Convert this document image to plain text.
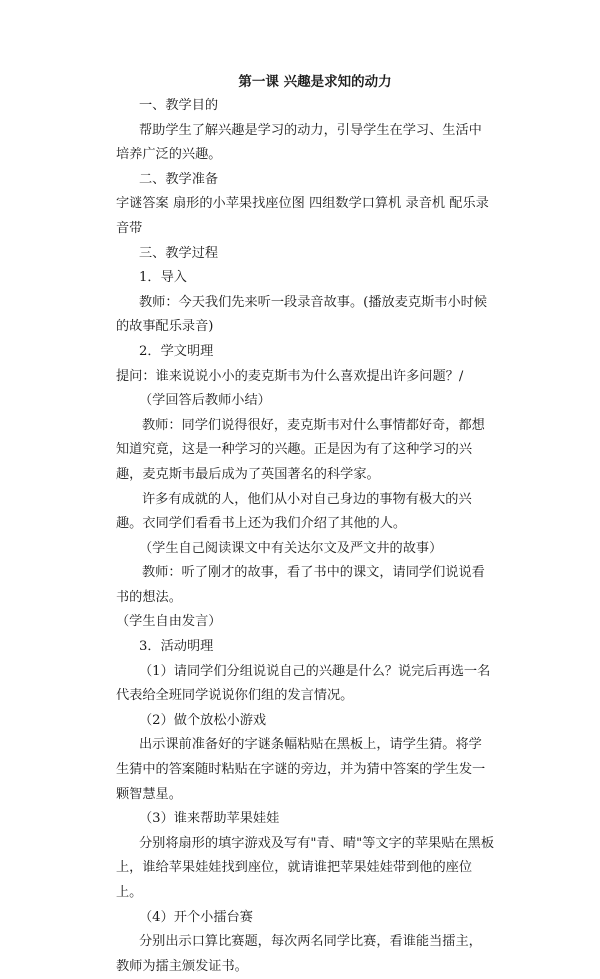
第一课 兴趣是求知的动力

一、教学目的

帮助学生了解兴趣是学习的动力，引导学生在学习、生活中培养广泛的兴趣。

二、教学准备

字谜答案 扇形的小苹果找座位图 四组数学口算机 录音机 配乐录音带

三、教学过程

1．导入

教师：今天我们先来听一段录音故事。(播放麦克斯韦小时候的故事配乐录音)

2．学文明理

提问：谁来说说小小的麦克斯韦为什么喜欢提出许多问题？/

（学回答后教师小结）

教师：同学们说得很好，麦克斯韦对什么事情都好奇，都想知道究竟，这是一种学习的兴趣。正是因为有了这种学习的兴趣，麦克斯韦最后成为了英国著名的科学家。

许多有成就的人，他们从小对自己身边的事物有极大的兴趣。衣同学们看看书上还为我们介绍了其他的人。

（学生自己阅读课文中有关达尔文及严文井的故事）

教师：听了刚才的故事，看了书中的课文，请同学们说说看书的想法。

（学生自由发言）

3．活动明理

（1）请同学们分组说说自己的兴趣是什么？说完后再选一名代表给全班同学说说你们组的发言情况。

（2）做个放松小游戏

出示课前准备好的字谜条幅粘贴在黑板上，请学生猜。将学生猜中的答案随时粘贴在字谜的旁边，并为猜中答案的学生发一颗智慧星。

（3）谁来帮助苹果娃娃

分别将扇形的填字游戏及写有"青、晴"等文字的苹果贴在黑板上，谁给苹果娃娃找到座位，就请谁把苹果娃娃带到他的座位上。

（4）开个小擂台赛

分别出示口算比赛题，每次两名同学比赛，看谁能当擂主，教师为擂主颁发证书。
